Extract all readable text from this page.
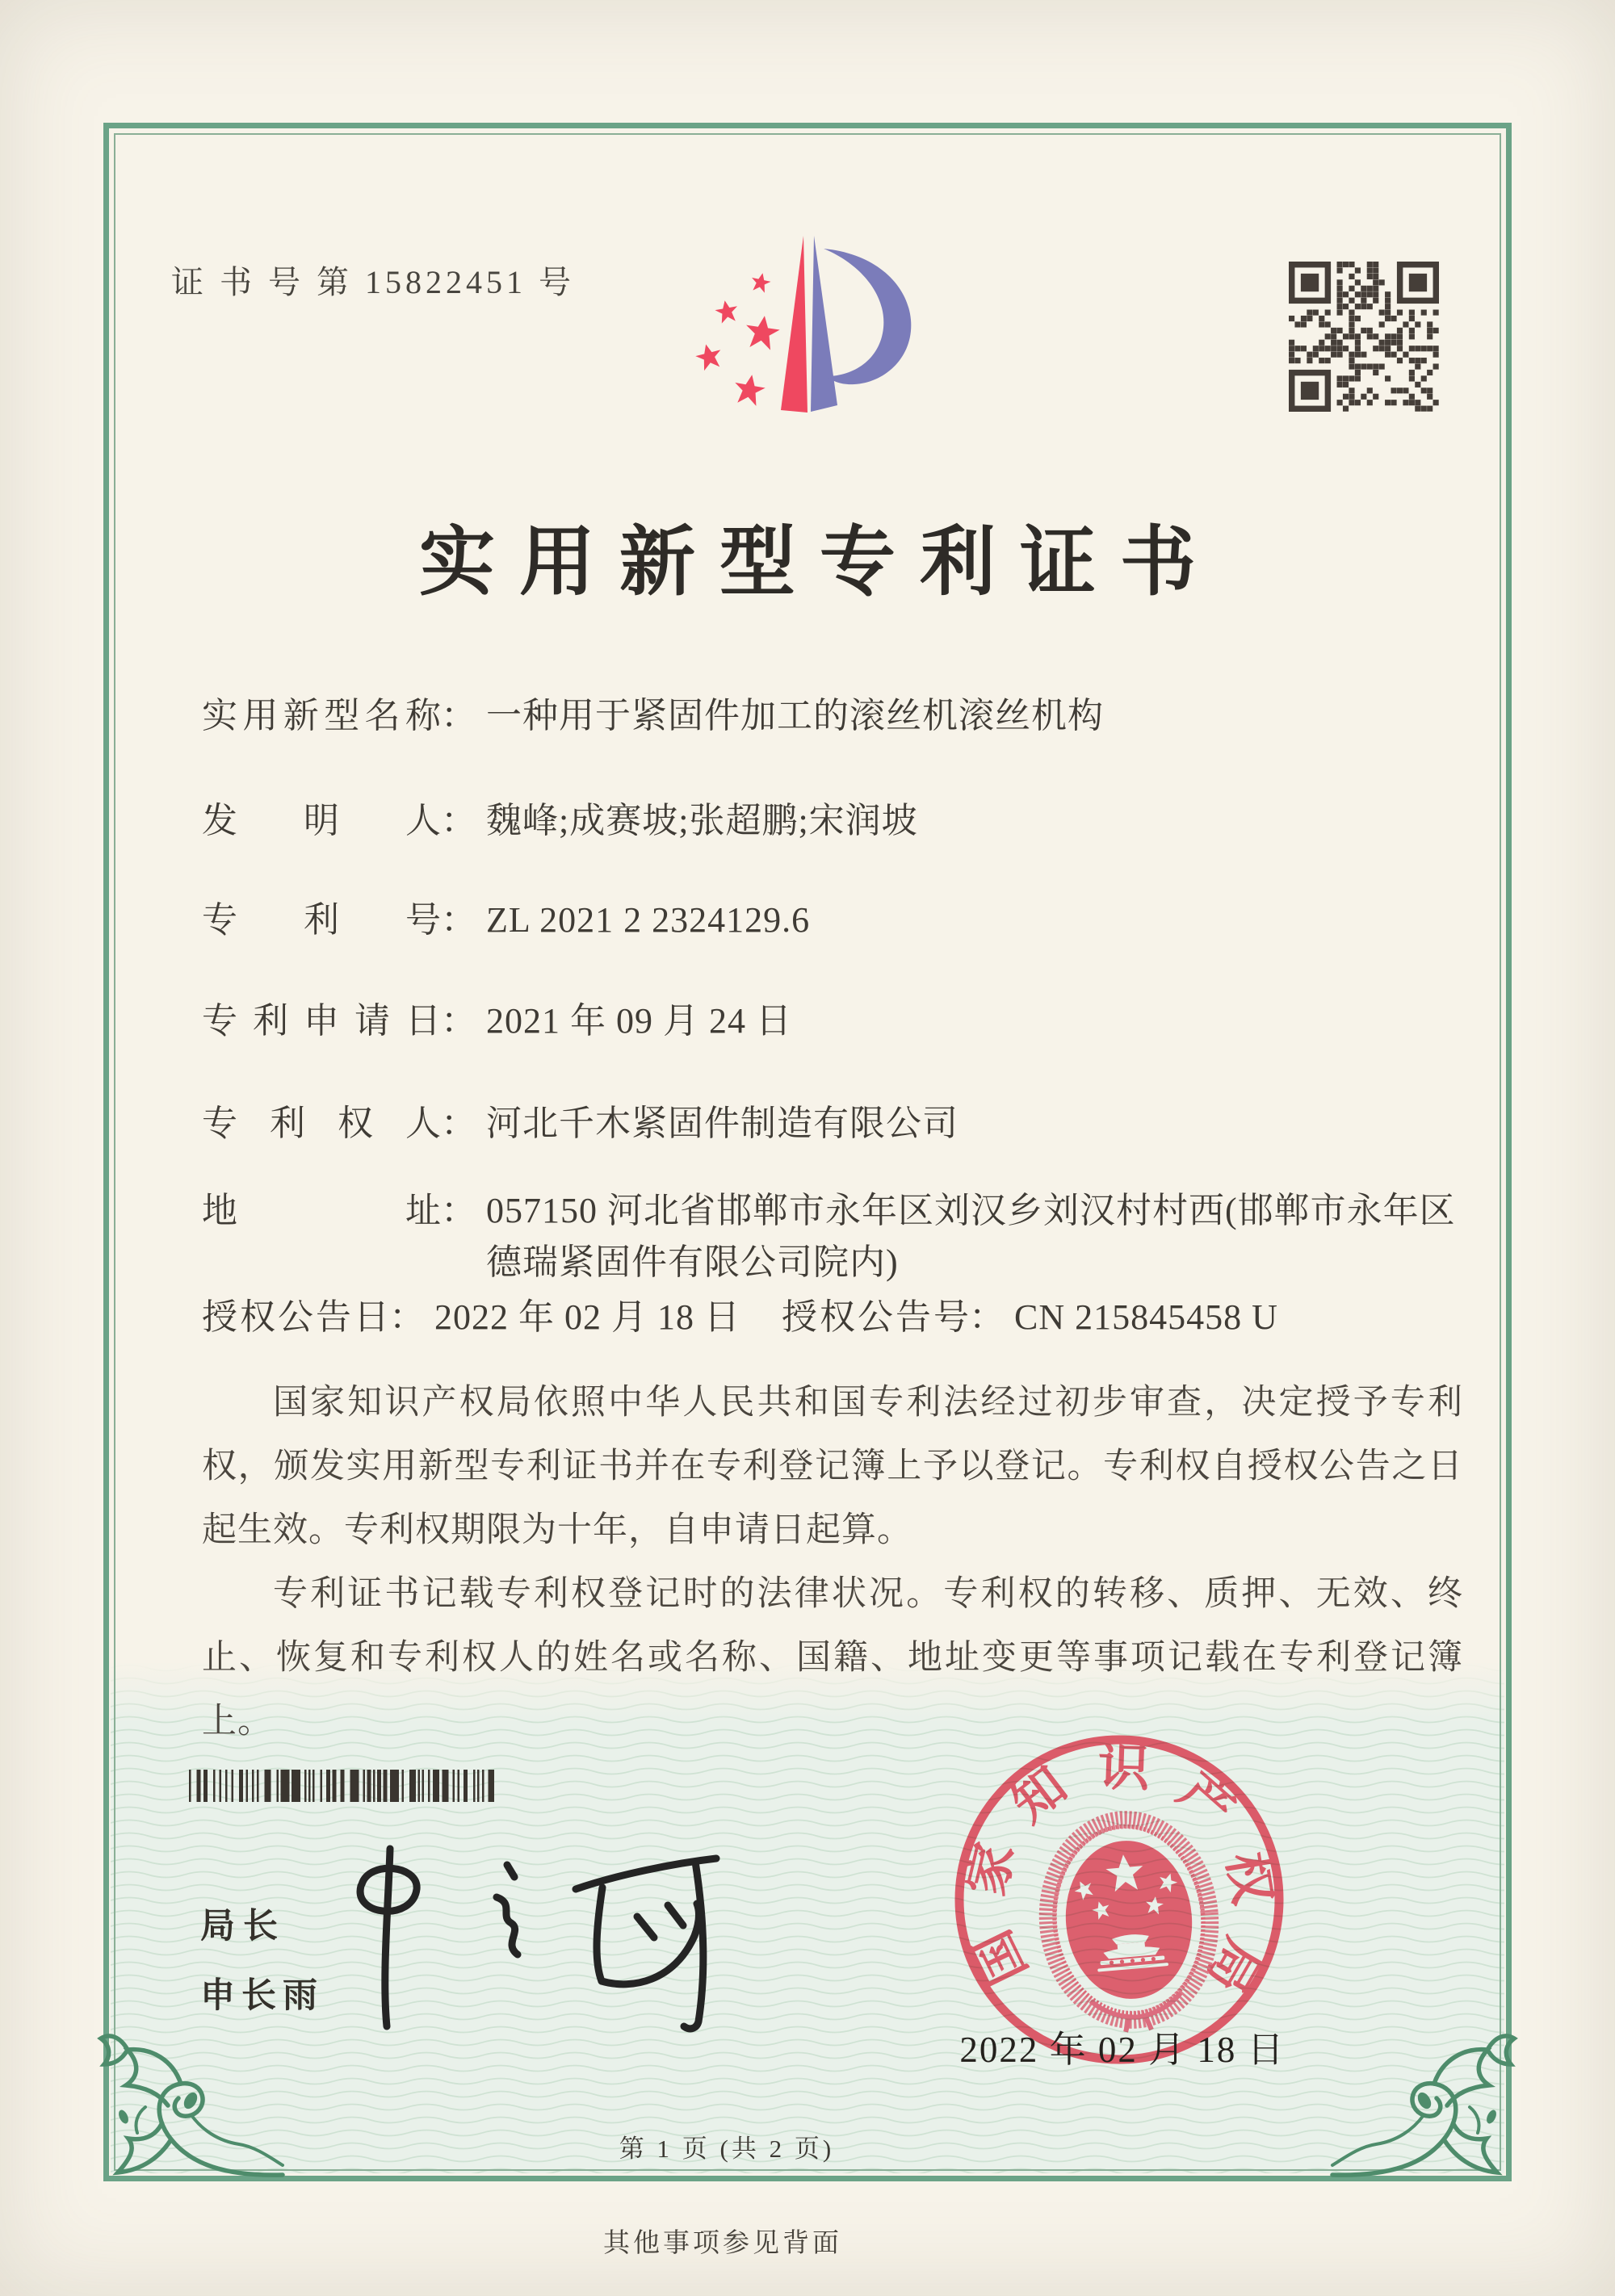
证 书 号 第 15822451 号
实用新型专利证书
实用新型名称 ： 一种用于紧固件加工的滚丝机滚丝机构
发明人 ： 魏峰;成赛坡;张超鹏;宋润坡
专利号 ： ZL 2021 2 2324129.6
专利申请日 ： 2021 年 09 月 24 日
专利权人 ： 河北千木紧固件制造有限公司
地址 ： 057150 河北省邯郸市永年区刘汉乡刘汉村村西(邯郸市永年区德瑞紧固件有限公司院内)
授权公告日 ： 2022 年 02 月 18 日 授权公告号 ： CN 215845458 U

国家知识产权局依照中华人民共和国专利法经过初步审查，决定授予专利权，颁发实用新型专利证书并在专利登记簿上予以登记。专利权自授权公告之日起生效。专利权期限为十年，自申请日起算。

专利证书记载专利权登记时的法律状况。专利权的转移、质押、无效、终止、恢复和专利权人的姓名或名称、国籍、地址变更等事项记载在专利登记簿上。

局长
申长雨
国
家
知 识 产
权
局
2022 年 02 月 18 日
第 1 页 (共 2 页)
其他事项参见背面
